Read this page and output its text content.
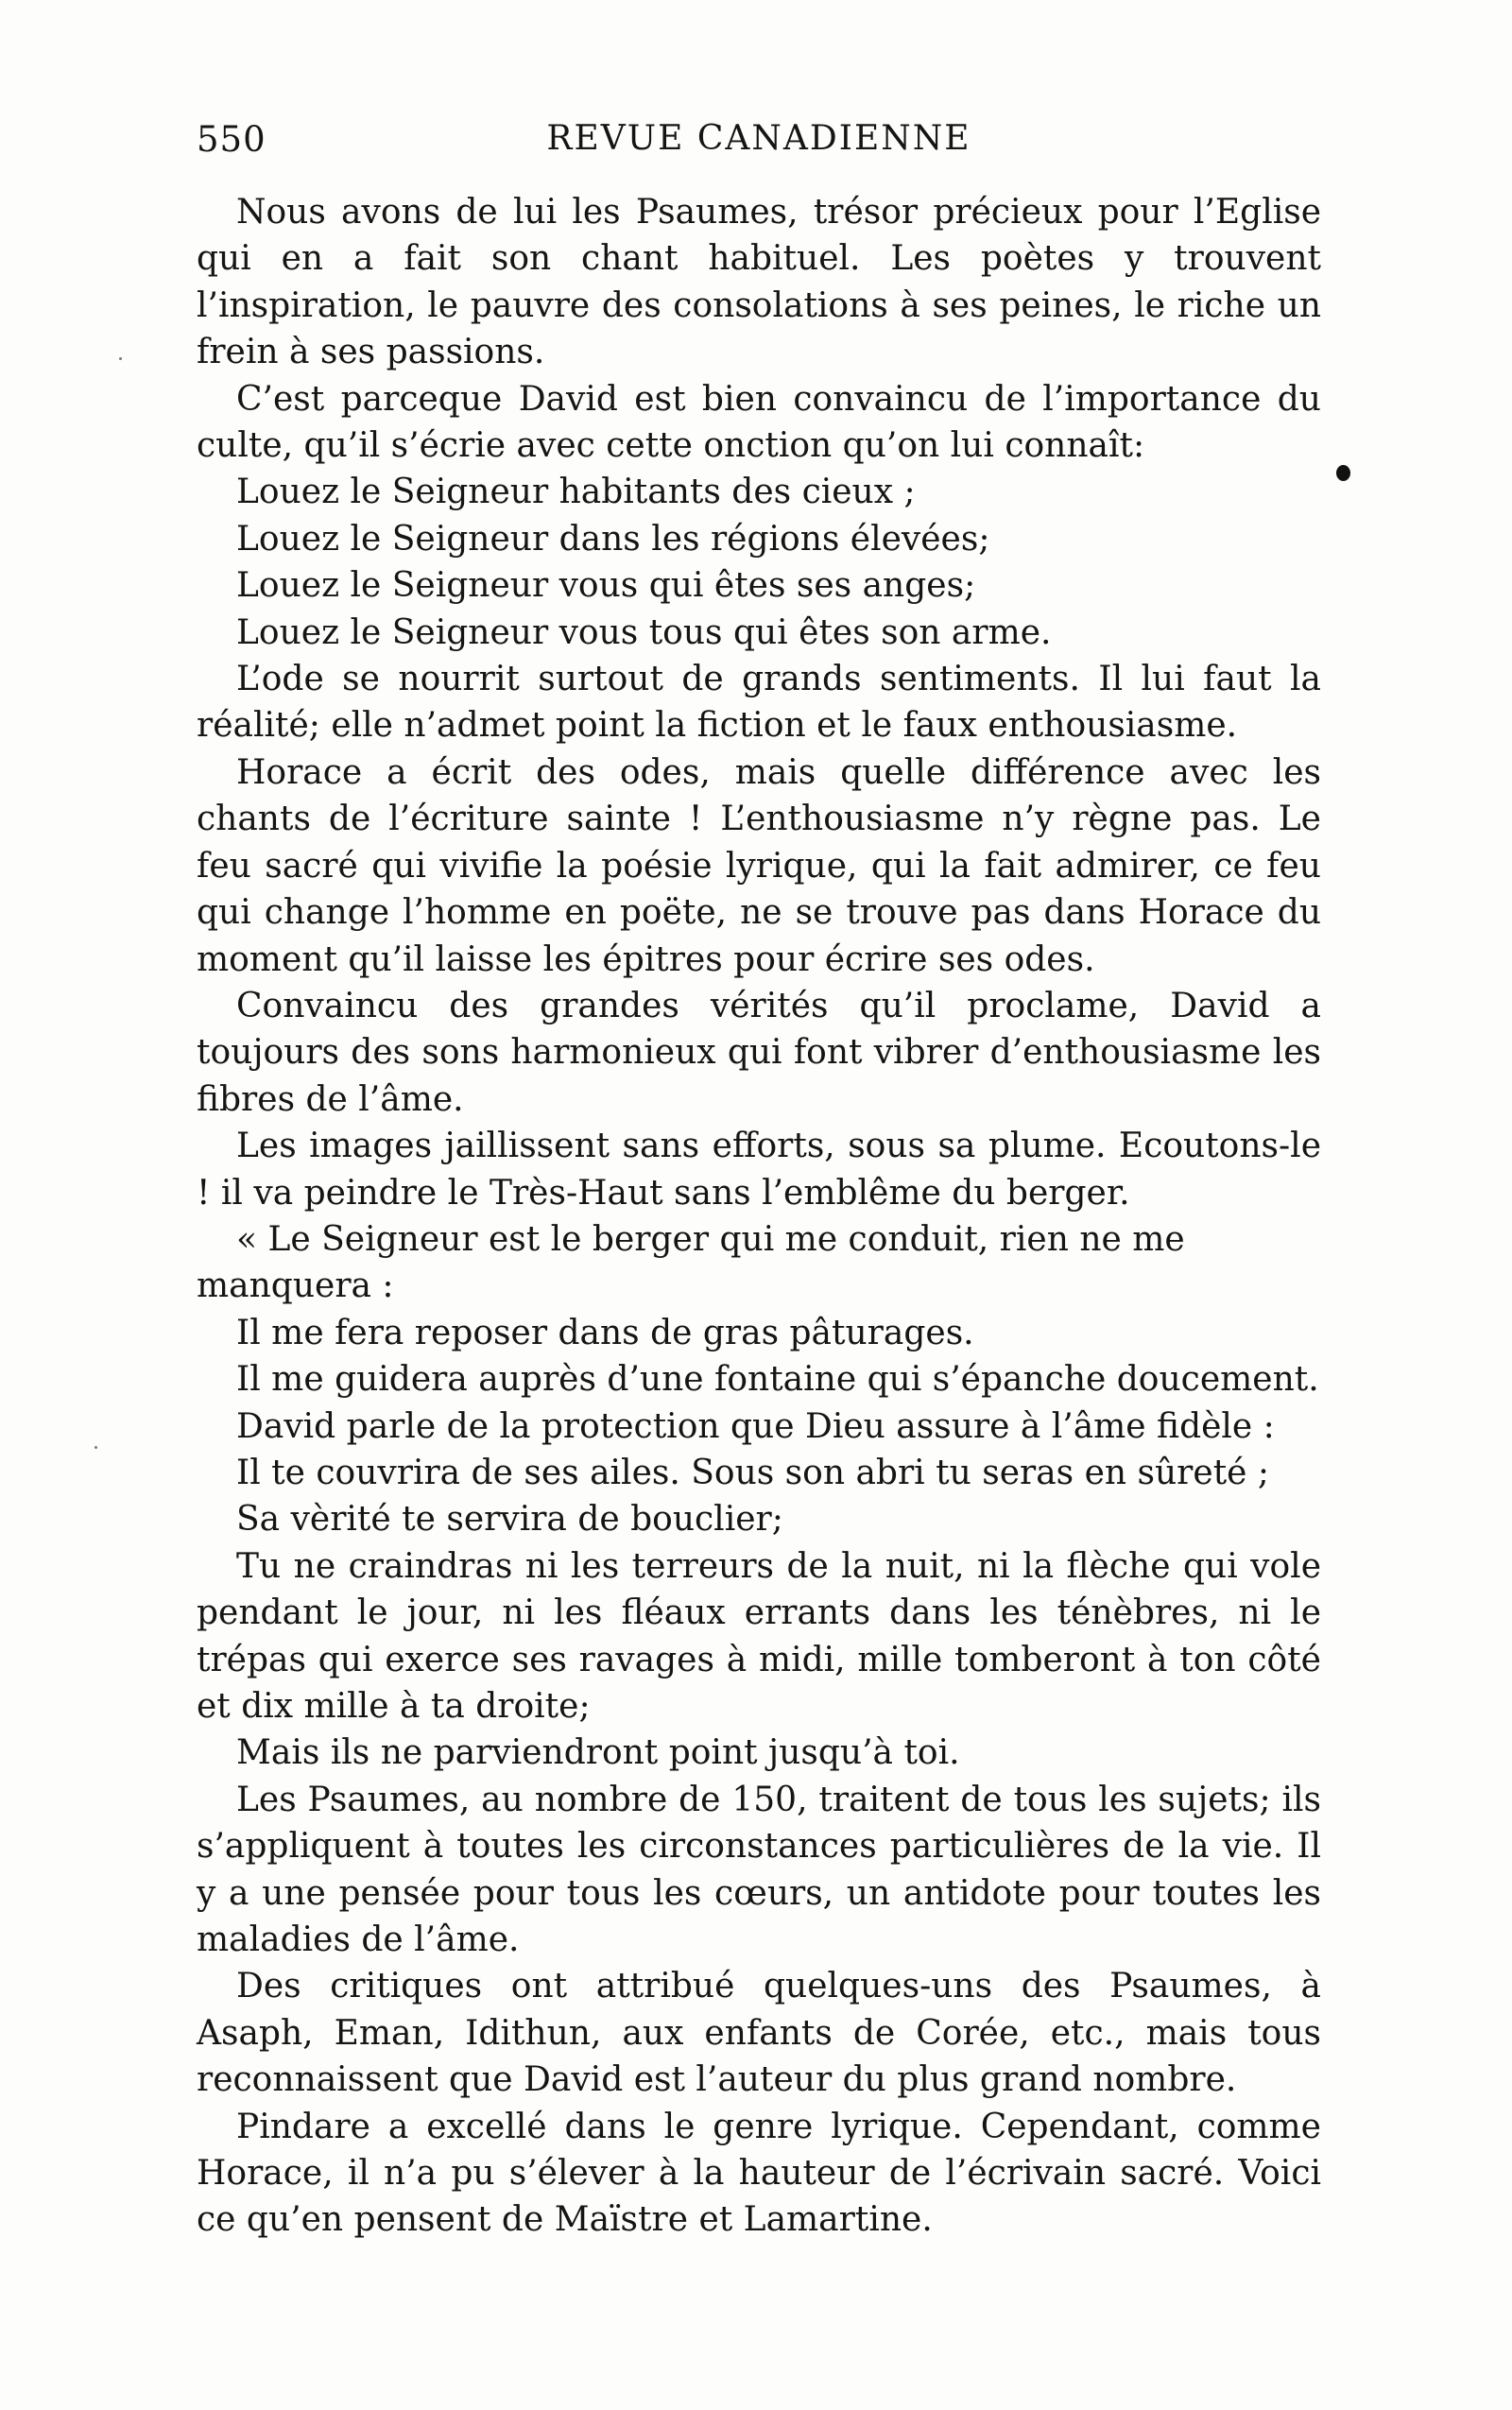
550	REVUE CANADIENNE

Nous avons de lui les Psaumes, trésor précieux pour l’Eglise qui en a fait son chant habituel. Les poètes y trouvent l’inspiration, le pauvre des consolations à ses peines, le riche un frein à ses passions.

C’est parceque David est bien convaincu de l’importance du culte, qu’il s’écrie avec cette onction qu’on lui connaît:

Louez le Seigneur habitants des cieux ;

Louez le Seigneur dans les régions élevées;

Louez le Seigneur vous qui êtes ses anges;

Louez le Seigneur vous tous qui êtes son arme.

L’ode se nourrit surtout de grands sentiments. Il lui faut la réalité; elle n’admet point la fiction et le faux enthousiasme.

Horace a écrit des odes, mais quelle différence avec les chants de l’écriture sainte ! L’enthousiasme n’y règne pas. Le feu sacré qui vivifie la poésie lyrique, qui la fait admirer, ce feu qui change l’homme en poëte, ne se trouve pas dans Horace du moment qu’il laisse les épitres pour écrire ses odes.

Convaincu des grandes vérités qu’il proclame, David a toujours des sons harmonieux qui font vibrer d’enthousiasme les fibres de l’âme.

Les images jaillissent sans efforts, sous sa plume. Ecoutons-le ! il va peindre le Très-Haut sans l’emblême du berger.

« Le Seigneur est le berger qui me conduit, rien ne me manquera :

Il me fera reposer dans de gras pâturages.

Il me guidera auprès d’une fontaine qui s’épanche doucement.

David parle de la protection que Dieu assure à l’âme fidèle :

Il te couvrira de ses ailes. Sous son abri tu seras en sûreté ;

Sa vèrité te servira de bouclier;

Tu ne craindras ni les terreurs de la nuit, ni la flèche qui vole pendant le jour, ni les fléaux errants dans les ténèbres, ni le trépas qui exerce ses ravages à midi, mille tomberont à ton côté et dix mille à ta droite;

Mais ils ne parviendront point jusqu’à toi.

Les Psaumes, au nombre de 150, traitent de tous les sujets; ils s’appliquent à toutes les circonstances particulières de la vie. Il y a une pensée pour tous les cœurs, un antidote pour toutes les maladies de l’âme.

Des critiques ont attribué quelques-uns des Psaumes, à Asaph, Eman, Idithun, aux enfants de Corée, etc., mais tous reconnaissent que David est l’auteur du plus grand nombre.

Pindare a excellé dans le genre lyrique. Cependant, comme Horace, il n’a pu s’élever à la hauteur de l’écrivain sacré. Voici ce qu’en pensent de Maïstre et Lamartine.
